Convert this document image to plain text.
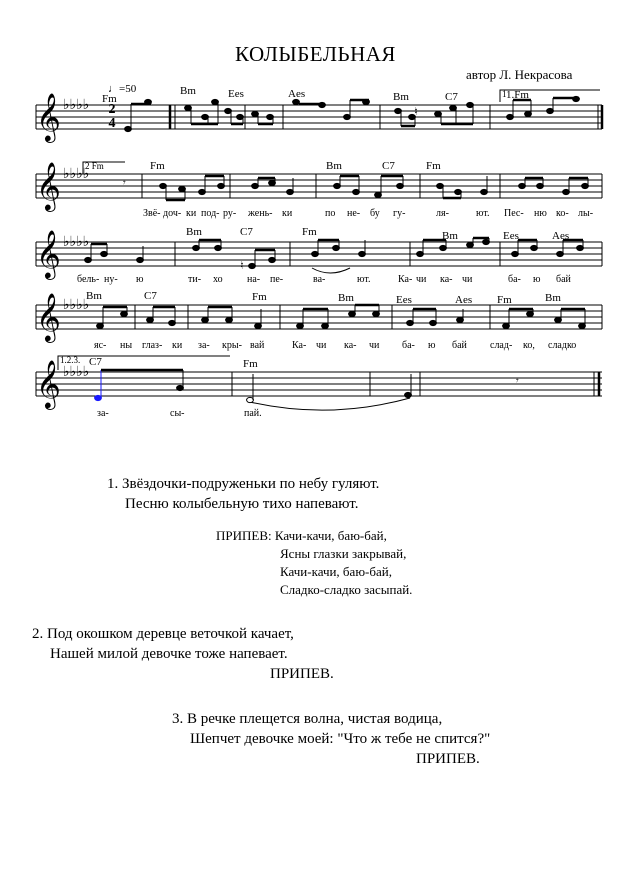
КОЛЫБЕЛЬНАЯ
автор Л. Некрасова
♩=50
𝄞
𝄞
𝄞
𝄞
𝄞
♭♭♭♭
♭♭♭♭
♭♭♭♭
♭♭♭♭
♭♭♭♭
2
4
𝄾
𝄾
♮
♮
1
2 Fm
1.2.3.
Fm
Bm	Ees	Aes	Bm	C7	1.Fm
Fm	Bm	C7	Fm
Bm	C7	Fm	Bm	Ees	Aes
Bm	C7	Fm	Bm	Ees	Aes Fm	Bm
C7	Fm
Звё- доч- ки под- ру- жень- ки	по не- бу гу-	ля-	ют. Пес- ню ко- лы-
бель- ну- ю	ти- хо на- пе-	ва-	ют.	Ка- чи ка- чи	ба- ю бай
яс- ны глаз- ки за- кры- вай	Ка- чи ка- чи ба- ю бай слад- ко, сладко
за-	сы-	пай.
1. Звёздочки-подруженьки по небу гуляют.
Песню колыбельную тихо напевают.
ПРИПЕВ: Качи-качи, баю-бай,
Ясны глазки закрывай,
Качи-качи, баю-бай,
Сладко-сладко засыпай.
2. Под окошком деревце веточкой качает,
Нашей милой девочке тоже напевает.
ПРИПЕВ.
3. В речке плещется волна, чистая водица,
Шепчет девочке моей: "Что ж тебе не спится?"
ПРИПЕВ.
